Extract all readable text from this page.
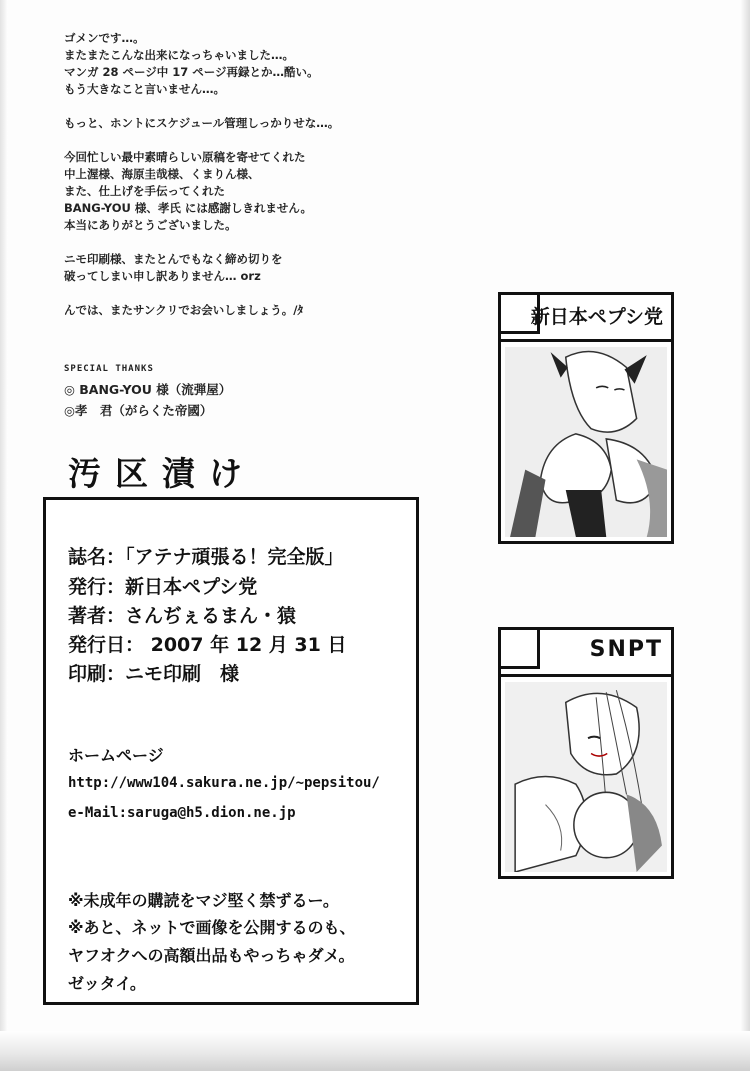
ゴメンです…。
またまたこんな出来になっちゃいました…。
マンガ 28 ページ中 17 ページ再録とか…酷い。
もう大きなこと言いません…。
もっと、ホントにスケジュール管理しっかりせな…。
今回忙しい最中素晴らしい原稿を寄せてくれた
中上渥様、海原圭哉様、くまりん様、
また、仕上げを手伝ってくれた
BANG-YOU 様、孝氏 には感謝しきれません。
本当にありがとうございました。
ニモ印刷様、またとんでもなく締め切りを
破ってしまい申し訳ありません… orz
んでは、またサンクリでお会いしましょう。/ﾀ
SPECIAL THANKS
◎ BANG-YOU 様（流弾屋）
◎孝　君（がらくた帝國）
汚区漬け
誌名：「アテナ頑張る！完全版」
発行：新日本ペプシ党
著者：さんぢぇるまん・猿
発行日： 2007 年 12 月 31 日
印刷：ニモ印刷　様
ホームページ
http://www104.sakura.ne.jp/~pepsitou/
e-Mail:saruga@h5.dion.ne.jp
※未成年の購読をマジ堅く禁ずるー。
※あと、ネットで画像を公開するのも、
ヤフオクへの高額出品もやっちゃダメ。
ゼッタイ。
新日本ペプシ党
SNPT
